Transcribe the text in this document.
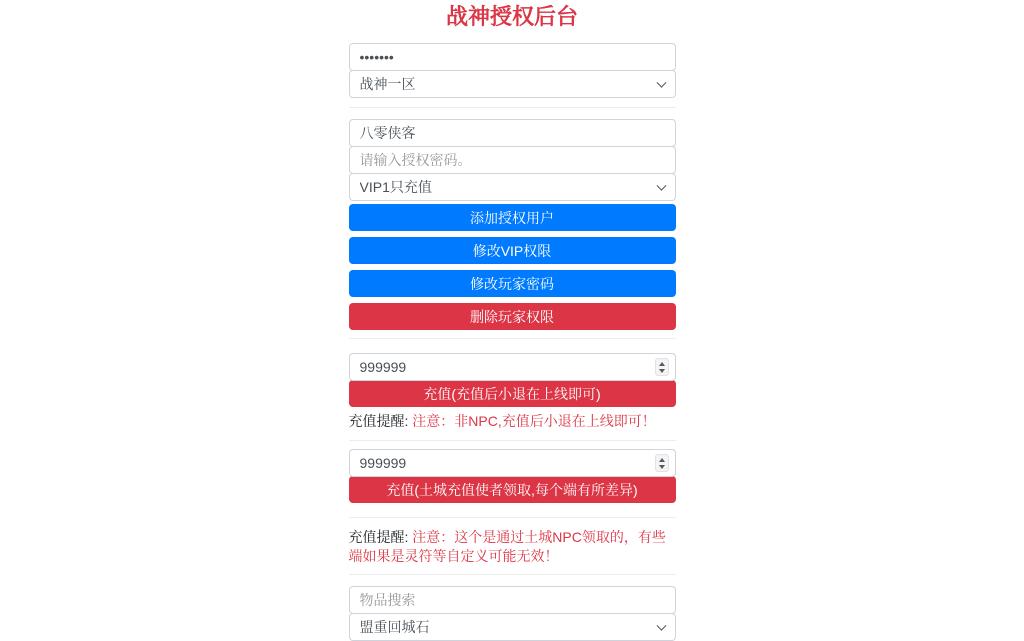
战神授权后台
•••••••
战神一区
八零侠客
请输入授权密码。
VIP1只充值
添加授权用户
修改VIP权限
修改玩家密码
删除玩家权限
999999
充值(充值后小退在上线即可)

充值提醒: 注意：非NPC,充值后小退在上线即可！

999999
充值(土城充值使者领取,每个端有所差异)

充值提醒: 注意：这个是通过土城NPC领取的，有些端如果是灵符等自定义可能无效！

物品搜索
盟重回城石
